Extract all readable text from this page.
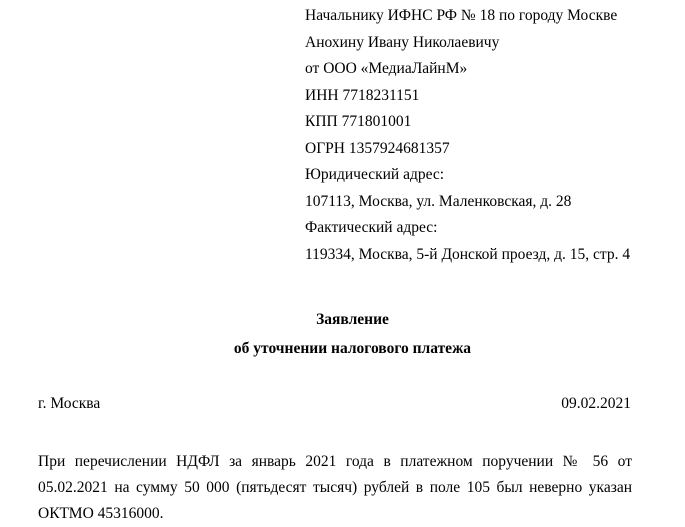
Начальнику ИФНС РФ № 18 по городу Москве
Анохину Ивану Николаевичу
от ООО «МедиаЛайнМ»
ИНН 7718231151
КПП 771801001
ОГРН 1357924681357
Юридический адрес:
107113, Москва, ул. Маленковская, д. 28
Фактический адрес:
119334, Москва, 5-й Донской проезд, д. 15, стр. 4
Заявление
об уточнении налогового платежа
г. Москва	09.02.2021
При перечислении НДФЛ за январь 2021 года в платежном поручении № 56 от 05.02.2021 на сумму 50 000 (пятьдесят тысяч) рублей в поле 105 был неверно указан ОКТМО 45316000.
